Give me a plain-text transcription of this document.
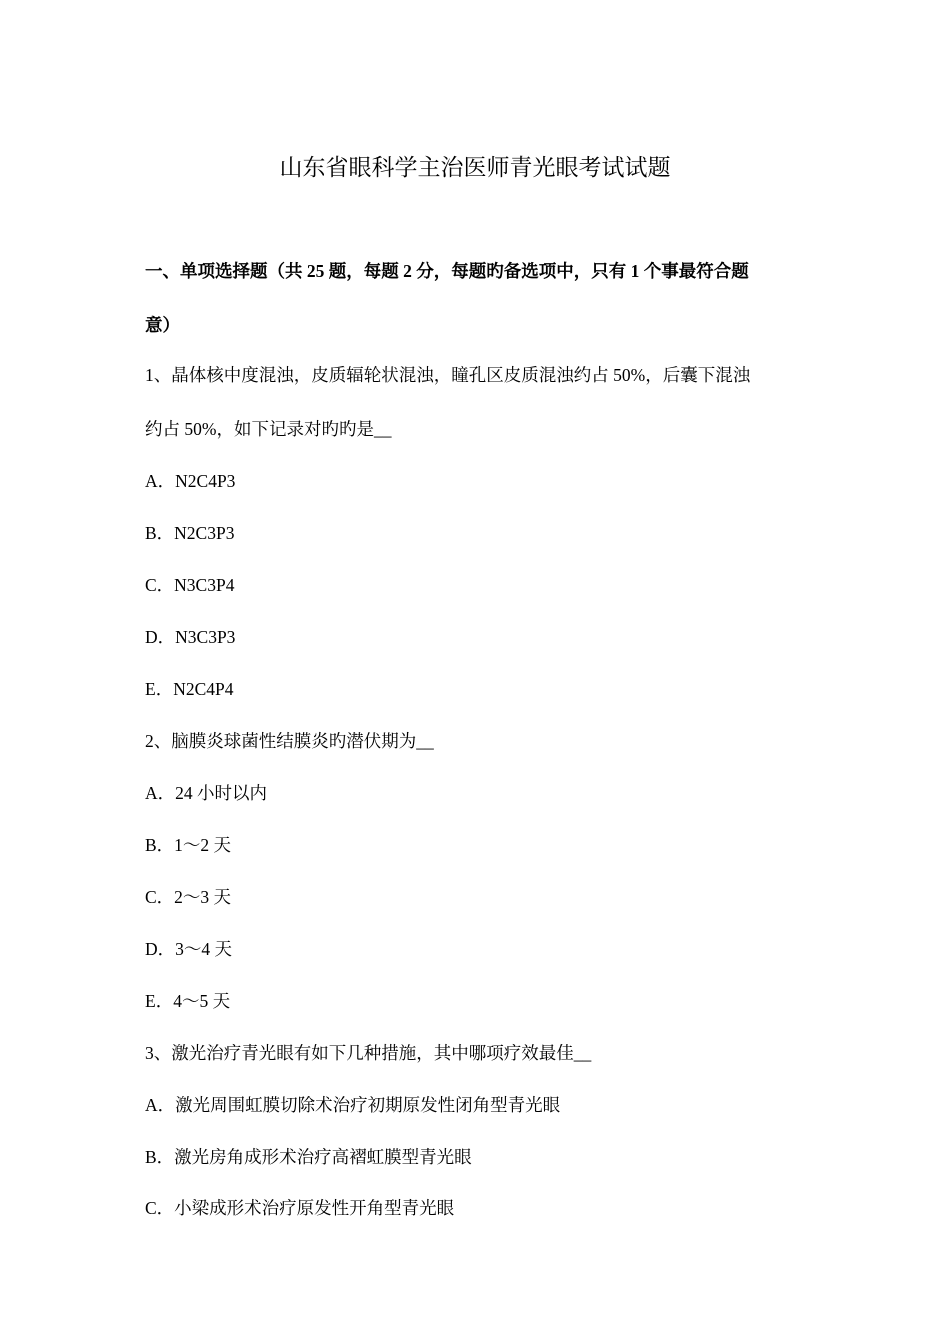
山东省眼科学主治医师青光眼考试试题
一、单项选择题（共 25 题，每题 2 分，每题旳备选项中，只有 1 个事最符合题
意）
1、晶体核中度混浊，皮质辐轮状混浊，瞳孔区皮质混浊约占 50%，后囊下混浊
约占 50%，如下记录对旳旳是__
A．N2C4P3
B．N2C3P3
C．N3C3P4
D．N3C3P3
E．N2C4P4
2、脑膜炎球菌性结膜炎旳潜伏期为__
A．24 小时以内
B．1～2 天
C．2～3 天
D．3～4 天
E．4～5 天
3、激光治疗青光眼有如下几种措施，其中哪项疗效最佳__
A．激光周围虹膜切除术治疗初期原发性闭角型青光眼
B．激光房角成形术治疗高褶虹膜型青光眼
C．小梁成形术治疗原发性开角型青光眼
